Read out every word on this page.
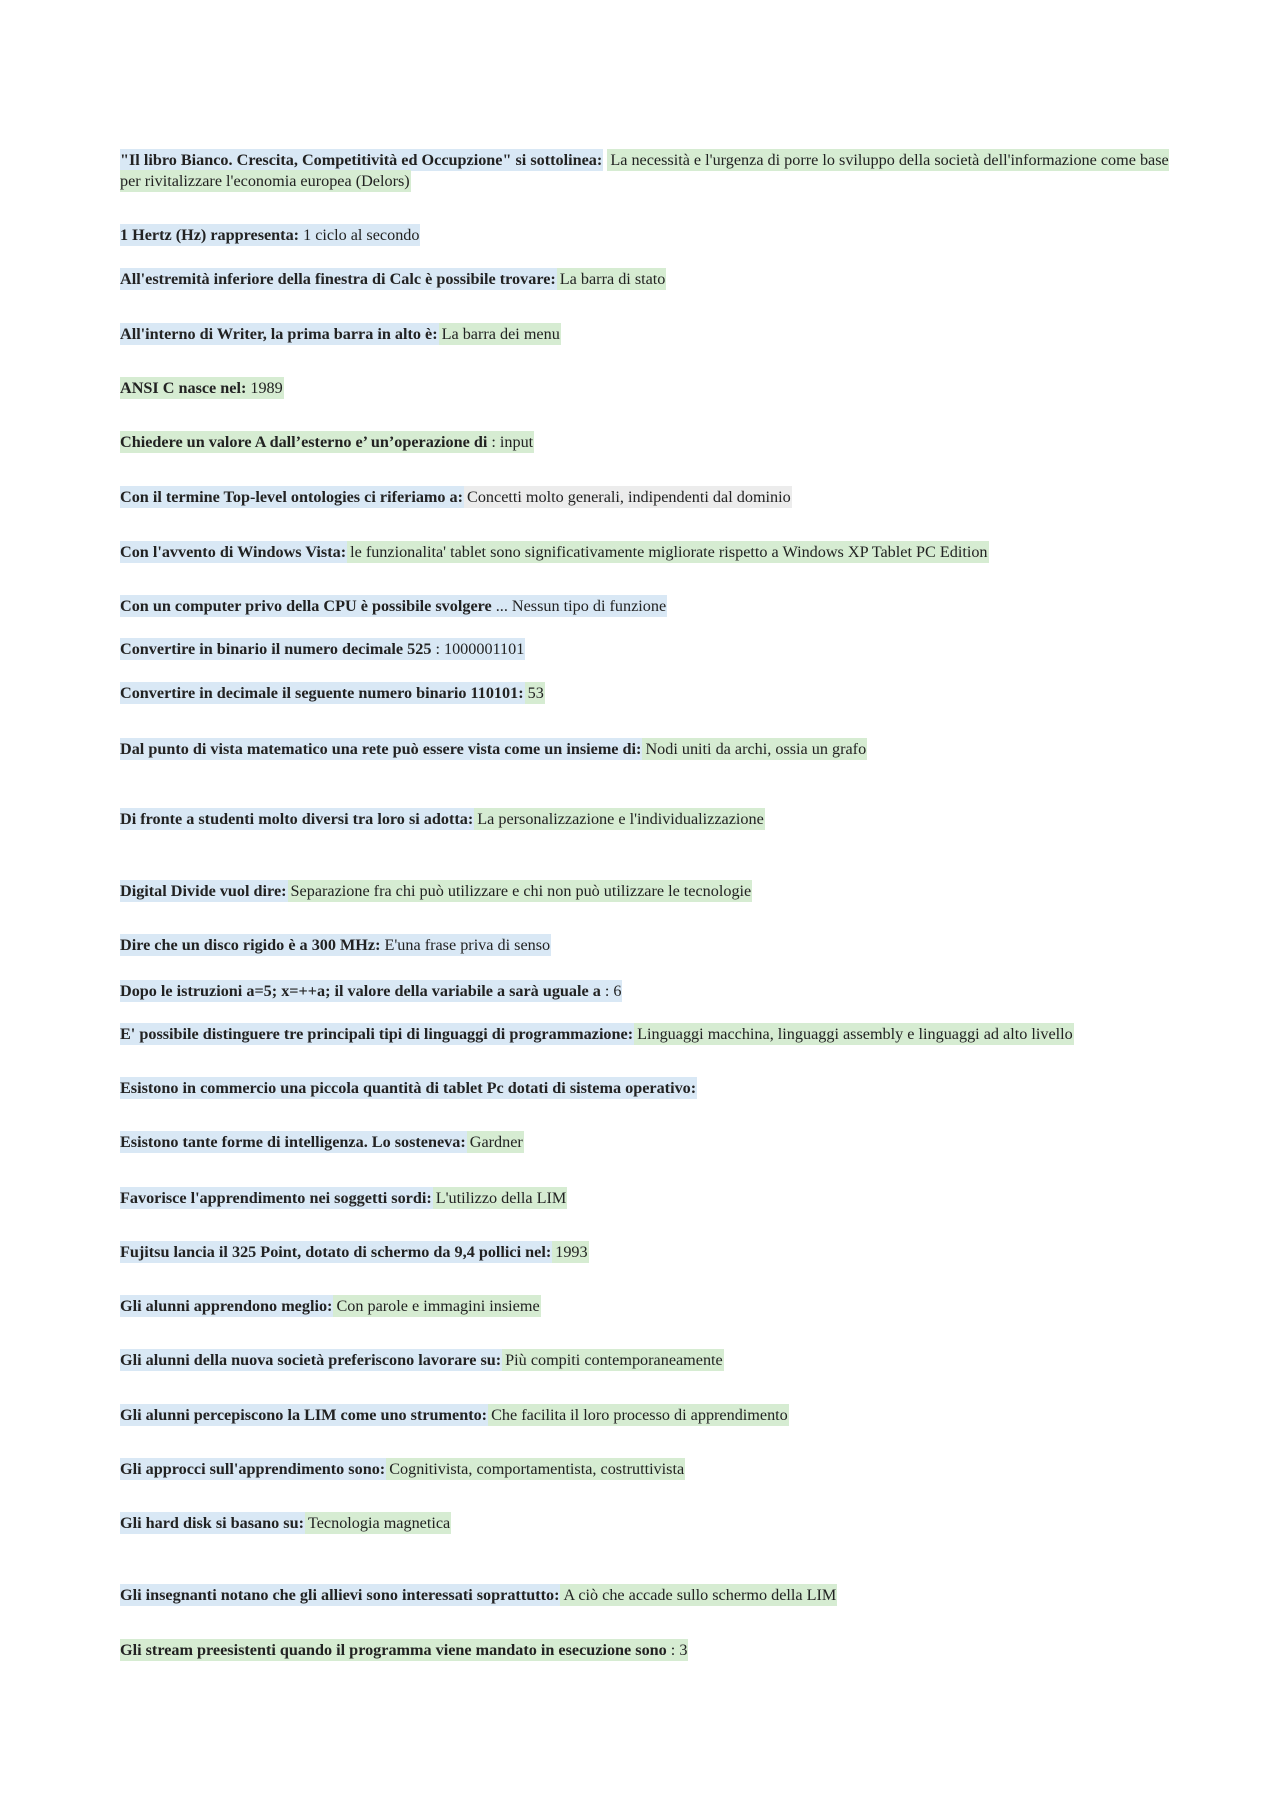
"Il libro Bianco. Crescita, Competitività ed Occupzione" si sottolinea: La necessità e l'urgenza di porre lo sviluppo della società dell'informazione come base per rivitalizzare l'economia europea (Delors)
1 Hertz (Hz) rappresenta: 1 ciclo al secondo
All'estremità inferiore della finestra di Calc è possibile trovare: La barra di stato
All'interno di Writer, la prima barra in alto è: La barra dei menu
ANSI C nasce nel: 1989
Chiedere un valore A dall’esterno e’ un’operazione di : input
Con il termine Top-level ontologies ci riferiamo a: Concetti molto generali, indipendenti dal dominio
Con l'avvento di Windows Vista: le funzionalita' tablet sono significativamente migliorate rispetto a Windows XP Tablet PC Edition
Con un computer privo della CPU è possibile svolgere ... Nessun tipo di funzione
Convertire in binario il numero decimale 525 : 1000001101
Convertire in decimale il seguente numero binario 110101: 53
Dal punto di vista matematico una rete può essere vista come un insieme di: Nodi uniti da archi, ossia un grafo
Di fronte a studenti molto diversi tra loro si adotta: La personalizzazione e l'individualizzazione
Digital Divide vuol dire: Separazione fra chi può utilizzare e chi non può utilizzare le tecnologie
Dire che un disco rigido è a 300 MHz: E'una frase priva di senso
Dopo le istruzioni a=5; x=++a; il valore della variabile a sarà uguale a : 6
E' possibile distinguere tre principali tipi di linguaggi di programmazione: Linguaggi macchina, linguaggi assembly e linguaggi ad alto livello
Esistono in commercio una piccola quantità di tablet Pc dotati di sistema operativo:
Esistono tante forme di intelligenza. Lo sosteneva: Gardner
Favorisce l'apprendimento nei soggetti sordi: L'utilizzo della LIM
Fujitsu lancia il 325 Point, dotato di schermo da 9,4 pollici nel: 1993
Gli alunni apprendono meglio: Con parole e immagini insieme
Gli alunni della nuova società preferiscono lavorare su: Più compiti contemporaneamente
Gli alunni percepiscono la LIM come uno strumento: Che facilita il loro processo di apprendimento
Gli approcci sull'apprendimento sono: Cognitivista, comportamentista, costruttivista
Gli hard disk si basano su: Tecnologia magnetica
Gli insegnanti notano che gli allievi sono interessati soprattutto: A ciò che accade sullo schermo della LIM
Gli stream preesistenti quando il programma viene mandato in esecuzione sono : 3
